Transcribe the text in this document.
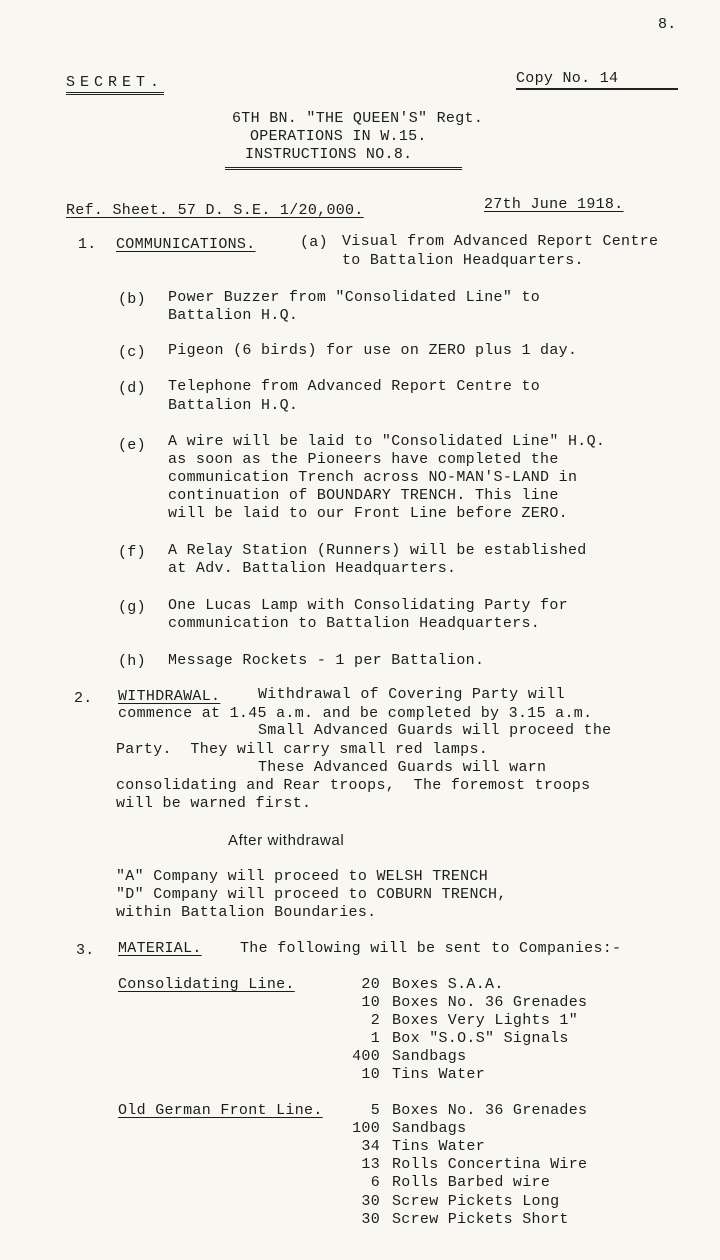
8.
SECRET.	Copy No. 14
6TH BN. "THE QUEEN'S" Regt.
OPERATIONS IN W.15.
INSTRUCTIONS NO.8.
Ref. Sheet. 57 D. S.E. 1/20,000.	27th June 1918.
1. COMMUNICATIONS.	(a) Visual from Advanced Report Centre
to Battalion Headquarters.
(b) Power Buzzer from "Consolidated Line" to
Battalion H.Q.
(c) Pigeon (6 birds) for use on ZERO plus 1 day.
(d) Telephone from Advanced Report Centre to
Battalion H.Q.
(e) A wire will be laid to "Consolidated Line" H.Q.
as soon as the Pioneers have completed the
communication Trench across NO-MAN'S-LAND in
continuation of BOUNDARY TRENCH. This line
will be laid to our Front Line before ZERO.
(f) A Relay Station (Runners) will be established
at Adv. Battalion Headquarters.
(g) One Lucas Lamp with Consolidating Party for
communication to Battalion Headquarters.
(h) Message Rockets - 1 per Battalion.
2. WITHDRAWAL.	Withdrawal of Covering Party will
commence at 1.45 a.m. and be completed by 3.15 a.m.
Small Advanced Guards will proceed the
Party.  They will carry small red lamps.
These Advanced Guards will warn
consolidating and Rear troops,  The foremost troops
will be warned first.
After withdrawal
"A" Company will proceed to WELSH TRENCH
"D" Company will proceed to COBURN TRENCH,
within Battalion Boundaries.
3. MATERIAL.	The following will be sent to Companies:-
Consolidating Line.	20 Boxes S.A.A.
10 Boxes No. 36 Grenades
2 Boxes Very Lights 1"
1 Box "S.O.S" Signals
400 Sandbags
10 Tins Water
Old German Front Line.	5 Boxes No. 36 Grenades
100 Sandbags
34 Tins Water
13 Rolls Concertina Wire
6 Rolls Barbed wire
30 Screw Pickets Long
30 Screw Pickets Short
